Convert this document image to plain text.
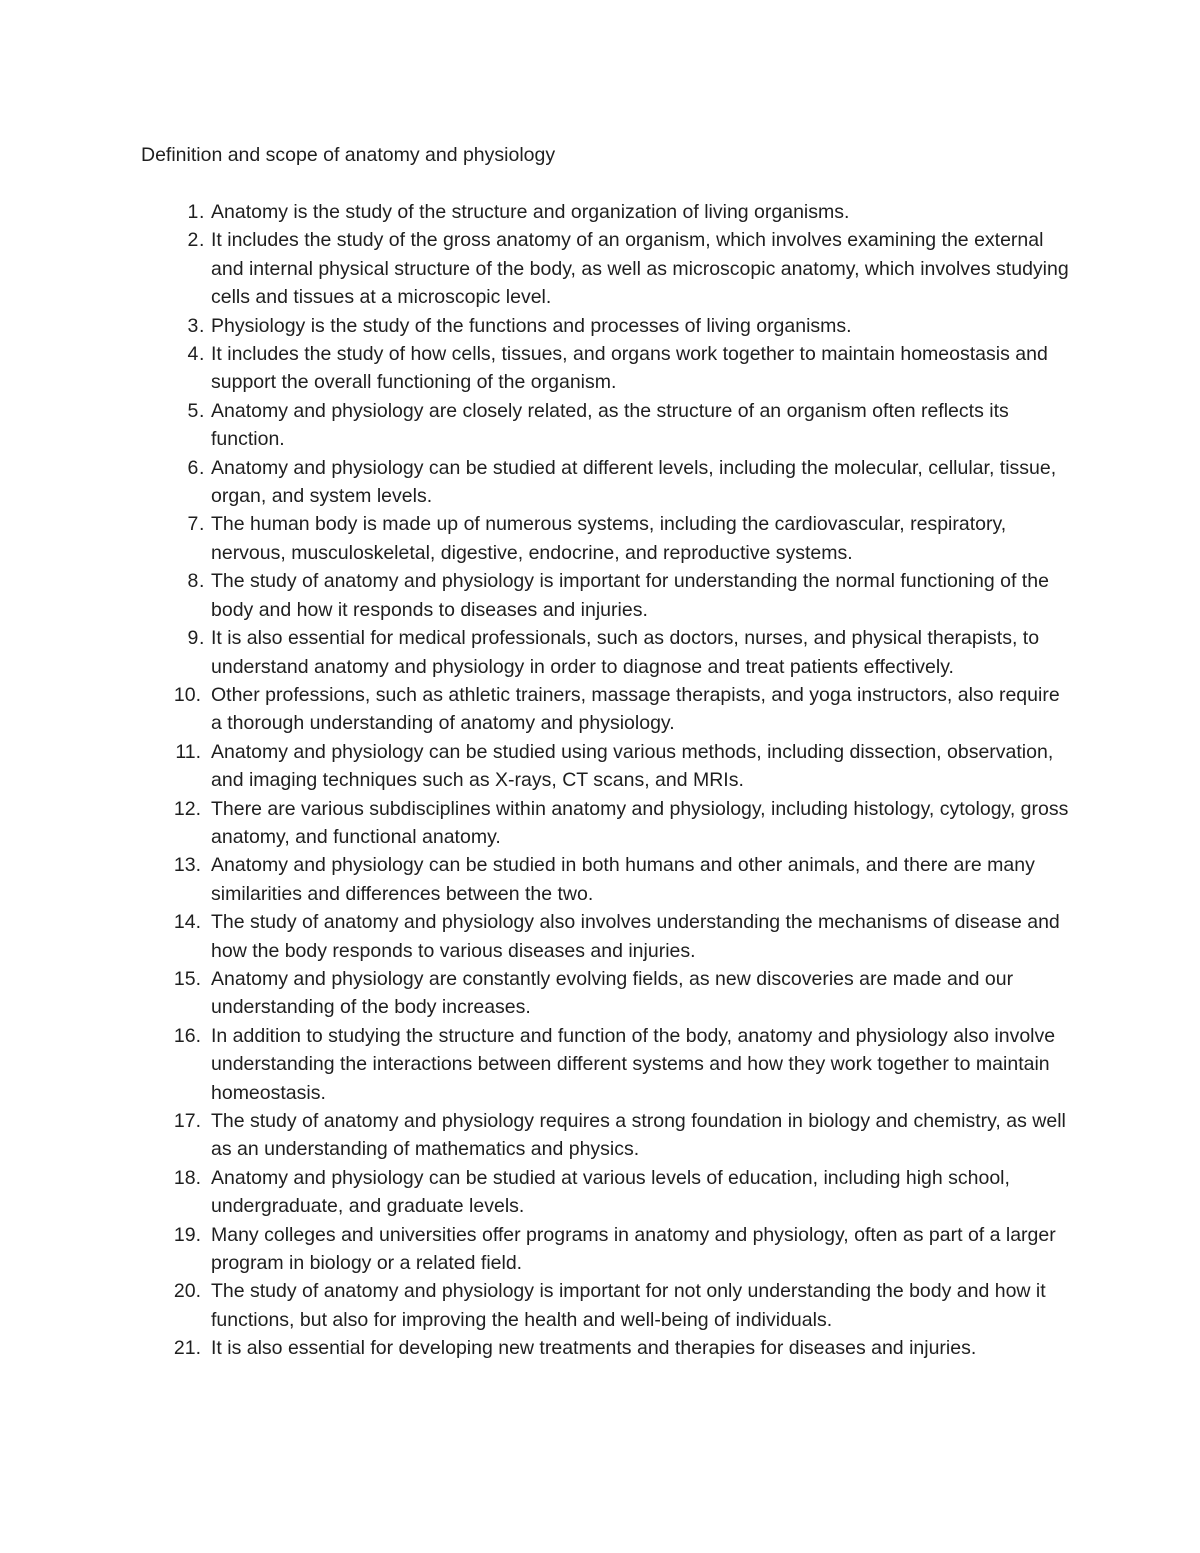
Definition and scope of anatomy and physiology
1. Anatomy is the study of the structure and organization of living organisms.
2. It includes the study of the gross anatomy of an organism, which involves examining the external and internal physical structure of the body, as well as microscopic anatomy, which involves studying cells and tissues at a microscopic level.
3. Physiology is the study of the functions and processes of living organisms.
4. It includes the study of how cells, tissues, and organs work together to maintain homeostasis and support the overall functioning of the organism.
5. Anatomy and physiology are closely related, as the structure of an organism often reflects its function.
6. Anatomy and physiology can be studied at different levels, including the molecular, cellular, tissue, organ, and system levels.
7. The human body is made up of numerous systems, including the cardiovascular, respiratory, nervous, musculoskeletal, digestive, endocrine, and reproductive systems.
8. The study of anatomy and physiology is important for understanding the normal functioning of the body and how it responds to diseases and injuries.
9. It is also essential for medical professionals, such as doctors, nurses, and physical therapists, to understand anatomy and physiology in order to diagnose and treat patients effectively.
10. Other professions, such as athletic trainers, massage therapists, and yoga instructors, also require a thorough understanding of anatomy and physiology.
11. Anatomy and physiology can be studied using various methods, including dissection, observation, and imaging techniques such as X-rays, CT scans, and MRIs.
12. There are various subdisciplines within anatomy and physiology, including histology, cytology, gross anatomy, and functional anatomy.
13. Anatomy and physiology can be studied in both humans and other animals, and there are many similarities and differences between the two.
14. The study of anatomy and physiology also involves understanding the mechanisms of disease and how the body responds to various diseases and injuries.
15. Anatomy and physiology are constantly evolving fields, as new discoveries are made and our understanding of the body increases.
16. In addition to studying the structure and function of the body, anatomy and physiology also involve understanding the interactions between different systems and how they work together to maintain homeostasis.
17. The study of anatomy and physiology requires a strong foundation in biology and chemistry, as well as an understanding of mathematics and physics.
18. Anatomy and physiology can be studied at various levels of education, including high school, undergraduate, and graduate levels.
19. Many colleges and universities offer programs in anatomy and physiology, often as part of a larger program in biology or a related field.
20. The study of anatomy and physiology is important for not only understanding the body and how it functions, but also for improving the health and well-being of individuals.
21. It is also essential for developing new treatments and therapies for diseases and injuries.
